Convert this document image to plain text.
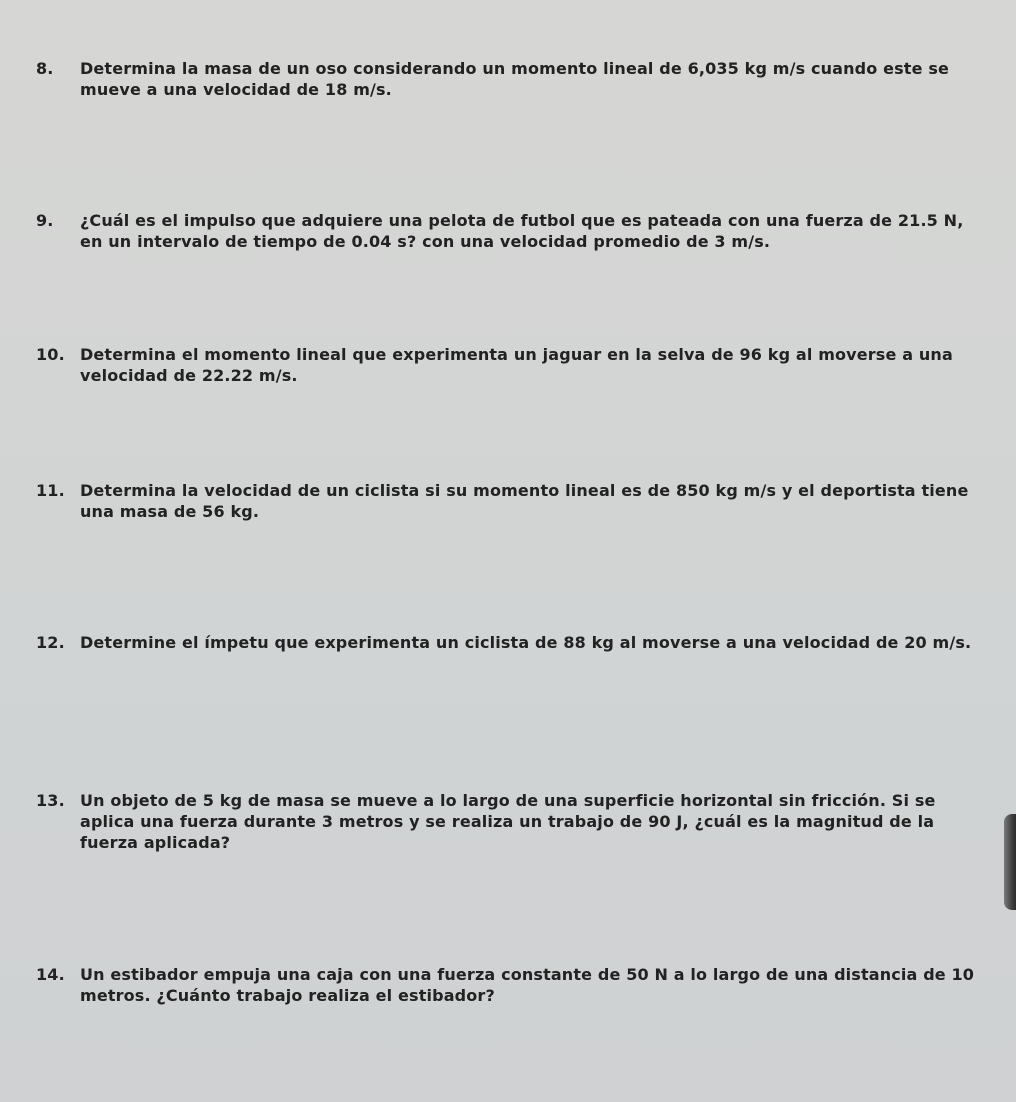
8. Determina la masa de un oso considerando un momento lineal de 6,035 kg m/s cuando este se mueve a una velocidad de 18 m/s.
9. ¿Cuál es el impulso que adquiere una pelota de futbol que es pateada con una fuerza de 21.5 N, en un intervalo de tiempo de 0.04 s? con una velocidad promedio de 3 m/s.
10. Determina el momento lineal que experimenta un jaguar en la selva de 96 kg al moverse a una velocidad de 22.22 m/s.
11. Determina la velocidad de un ciclista si su momento lineal es de 850 kg m/s y el deportista tiene una masa de 56 kg.
12. Determine el ímpetu que experimenta un ciclista de 88 kg al moverse a una velocidad de 20 m/s.
13. Un objeto de 5 kg de masa se mueve a lo largo de una superficie horizontal sin fricción. Si se aplica una fuerza durante 3 metros y se realiza un trabajo de 90 J, ¿cuál es la magnitud de la fuerza aplicada?
14. Un estibador empuja una caja con una fuerza constante de 50 N a lo largo de una distancia de 10 metros. ¿Cuánto trabajo realiza el estibador?
